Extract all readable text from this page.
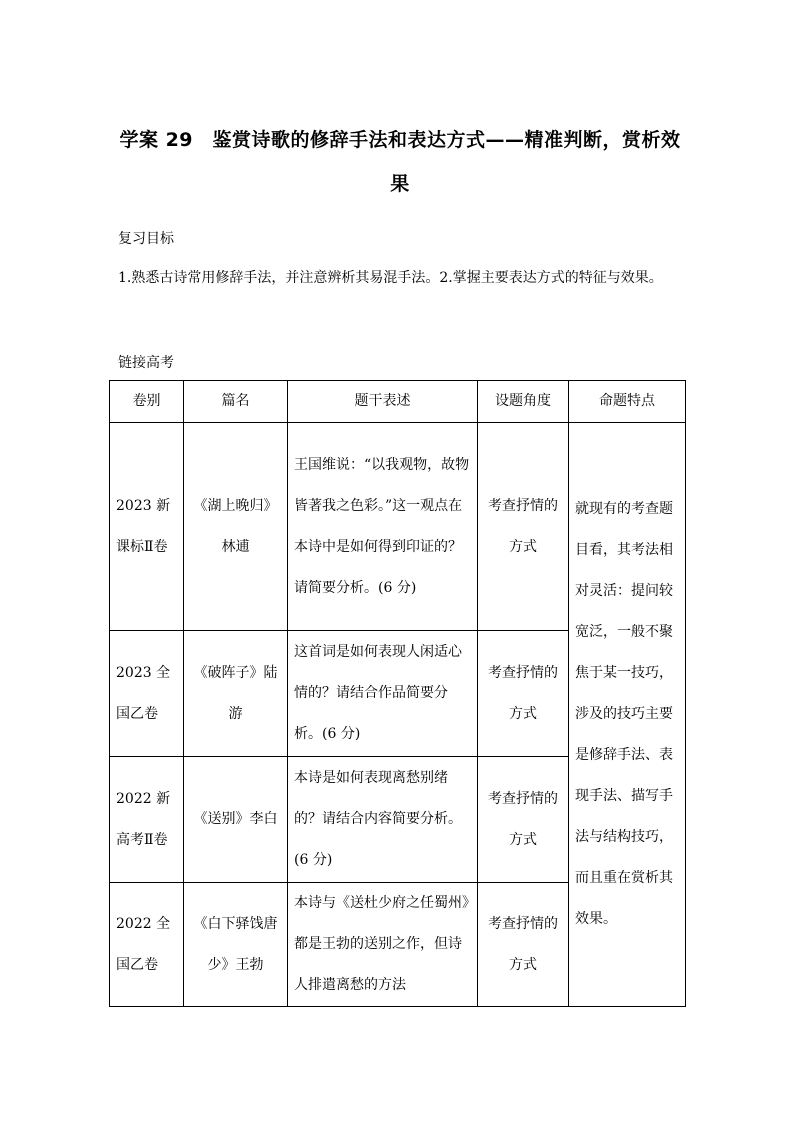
学案 29　鉴赏诗歌的修辞手法和表达方式——精准判断，赏析效
果
复习目标
1.熟悉古诗常用修辞手法，并注意辨析其易混手法。2.掌握主要表达方式的特征与效果。
链接高考
卷别	篇名	题干表述	设题角度	命题特点
2023 新课标Ⅱ卷	《湖上晚归》林逋	王国维说：“以我观物，故物皆著我之色彩。”这一观点在本诗中是如何得到印证的？请简要分析。(6 分)	考查抒情的方式	就现有的考查题目看，其考法相对灵活：提问较宽泛，一般不聚焦于某一技巧，涉及的技巧主要是修辞手法、表现手法、描写手法与结构技巧，而且重在赏析其效果。
2023 全国乙卷	《破阵子》陆游	这首词是如何表现人闲适心情的？请结合作品简要分析。(6 分)	考查抒情的方式	
2022 新高考Ⅱ卷	《送别》李白	本诗是如何表现离愁别绪的？请结合内容简要分析。(6 分)	考查抒情的方式	
2022 全国乙卷	《白下驿饯唐少》王勃	本诗与《送杜少府之任蜀州》都是王勃的送别之作，但诗人排遣离愁的方法	考查抒情的方式	
